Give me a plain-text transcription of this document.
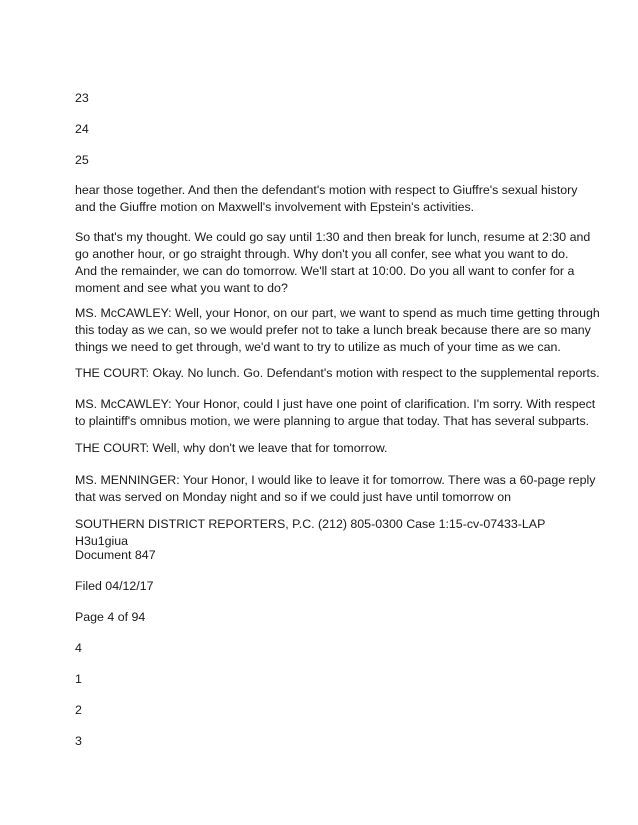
23

24

25

hear those together. And then the defendant's motion with respect to Giuffre's sexual history
and the Giuffre motion on Maxwell's involvement with Epstein's activities.
So that's my thought. We could go say until 1:30 and then break for lunch, resume at 2:30 and
go another hour, or go straight through. Why don't you all confer, see what you want to do.
And the remainder, we can do tomorrow. We'll start at 10:00. Do you all want to confer for a
moment and see what you want to do?
MS. McCAWLEY: Well, your Honor, on our part, we want to spend as much time getting through
this today as we can, so we would prefer not to take a lunch break because there are so many
things we need to get through, we'd want to try to utilize as much of your time as we can.
THE COURT: Okay. No lunch. Go. Defendant's motion with respect to the supplemental reports.
MS. McCAWLEY: Your Honor, could I just have one point of clarification. I'm sorry. With respect
to plaintiff's omnibus motion, we were planning to argue that today. That has several subparts.
THE COURT: Well, why don't we leave that for tomorrow.
MS. MENNINGER: Your Honor, I would like to leave it for tomorrow. There was a 60-page reply
that was served on Monday night and so if we could just have until tomorrow on

SOUTHERN DISTRICT REPORTERS, P.C. (212) 805-0300 Case 1:15-cv-07433-LAP H3u1giua

Document 847

Filed 04/12/17

Page 4 of 94

4

1

2

3
